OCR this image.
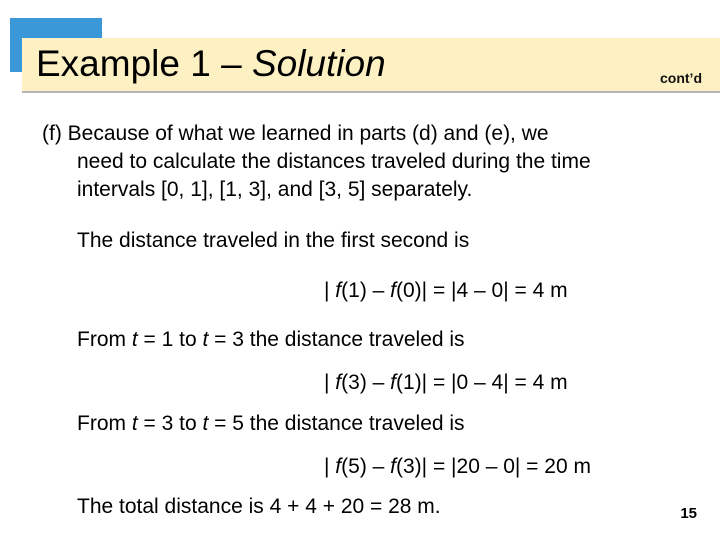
Example 1 – Solution	cont’d
(f) Because of what we learned in parts (d) and (e), we
need to calculate the distances traveled during the time
intervals [0, 1], [1, 3], and [3, 5] separately.
The distance traveled in the first second is
| f(1) – f(0)| = |4 – 0| = 4 m
From t = 1 to t = 3 the distance traveled is
| f(3) – f(1)| = |0 – 4| = 4 m
From t = 3 to t = 5 the distance traveled is
| f(5) – f(3)| = |20 – 0| = 20 m
The total distance is 4 + 4 + 20 = 28 m.	15
